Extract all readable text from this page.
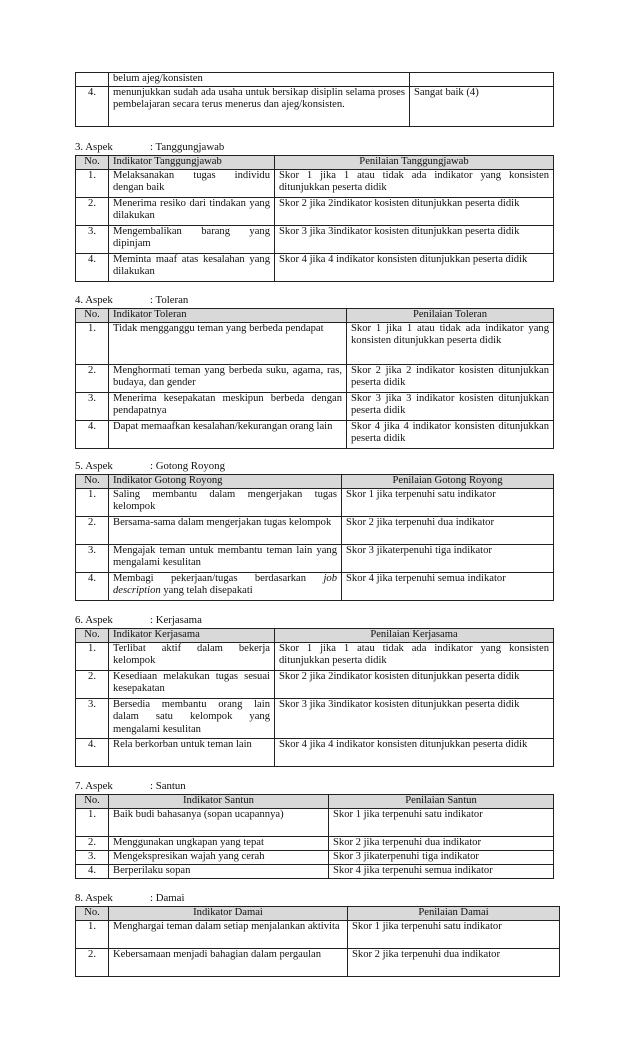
	belum ajeg/konsisten	
4.	menunjukkan sudah ada usaha untuk bersikap disiplin selama proses pembelajaran secara terus menerus dan ajeg/konsisten.	Sangat baik (4)
3. Aspek	: Tanggungjawab
No.	Indikator Tanggungjawab	Penilaian Tanggungjawab
1.	Melaksanakan tugas individu dengan baik	Skor 1 jika 1 atau tidak ada indikator yang konsisten ditunjukkan peserta didik
2.	Menerima resiko dari tindakan yang dilakukan	Skor 2 jika 2indikator kosisten ditunjukkan peserta didik
3.	Mengembalikan barang yang dipinjam	Skor 3 jika 3indikator kosisten ditunjukkan peserta didik
4.	Meminta maaf atas kesalahan yang dilakukan	Skor 4 jika 4 indikator konsisten ditunjukkan peserta didik
4. Aspek	: Toleran
No.	Indikator Toleran	Penilaian Toleran
1.	Tidak mengganggu teman yang berbeda pendapat	Skor 1 jika 1 atau tidak ada indikator yang konsisten ditunjukkan peserta didik
2.	Menghormati teman yang berbeda suku, agama, ras, budaya, dan gender	Skor 2 jika 2 indikator kosisten ditunjukkan peserta didik
3.	Menerima kesepakatan meskipun berbeda dengan pendapatnya	Skor 3 jika 3 indikator kosisten ditunjukkan peserta didik
4.	Dapat memaafkan kesalahan/kekurangan orang lain	Skor 4 jika 4 indikator konsisten ditunjukkan peserta didik
5. Aspek	: Gotong Royong
No.	Indikator Gotong Royong	Penilaian Gotong Royong
1.	Saling membantu dalam mengerjakan tugas kelompok	Skor 1 jika terpenuhi satu indikator
2.	Bersama-sama dalam mengerjakan tugas kelompok	Skor 2 jika terpenuhi dua indikator
3.	Mengajak teman untuk membantu teman lain yang mengalami kesulitan	Skor 3 jikaterpenuhi tiga indikator
4.	Membagi pekerjaan/tugas berdasarkan job description yang telah disepakati	Skor 4 jika terpenuhi semua indikator
6. Aspek	: Kerjasama
No.	Indikator Kerjasama	Penilaian Kerjasama
1.	Terlibat aktif dalam bekerja kelompok	Skor 1 jika 1 atau tidak ada indikator yang konsisten ditunjukkan peserta didik
2.	Kesediaan melakukan tugas sesuai kesepakatan	Skor 2 jika 2indikator kosisten ditunjukkan peserta didik
3.	Bersedia membantu orang lain dalam satu kelompok yang mengalami kesulitan	Skor 3 jika 3indikator kosisten ditunjukkan peserta didik
4.	Rela berkorban untuk teman lain	Skor 4 jika 4 indikator konsisten ditunjukkan peserta didik
7. Aspek	: Santun
No.	Indikator Santun	Penilaian Santun
1.	Baik budi bahasanya (sopan ucapannya)	Skor 1 jika terpenuhi satu indikator
2.	Menggunakan ungkapan yang tepat	Skor 2 jika terpenuhi dua indikator
3.	Mengekspresikan wajah yang cerah	Skor 3 jikaterpenuhi tiga indikator
4.	Berperilaku sopan	Skor 4 jika terpenuhi semua indikator
8. Aspek	: Damai
No.	Indikator Damai	Penilaian Damai
1.	Menghargai teman dalam setiap menjalankan aktivita	Skor 1 jika terpenuhi satu indikator
2.	Kebersamaan menjadi bahagian dalam pergaulan	Skor 2 jika terpenuhi dua indikator
